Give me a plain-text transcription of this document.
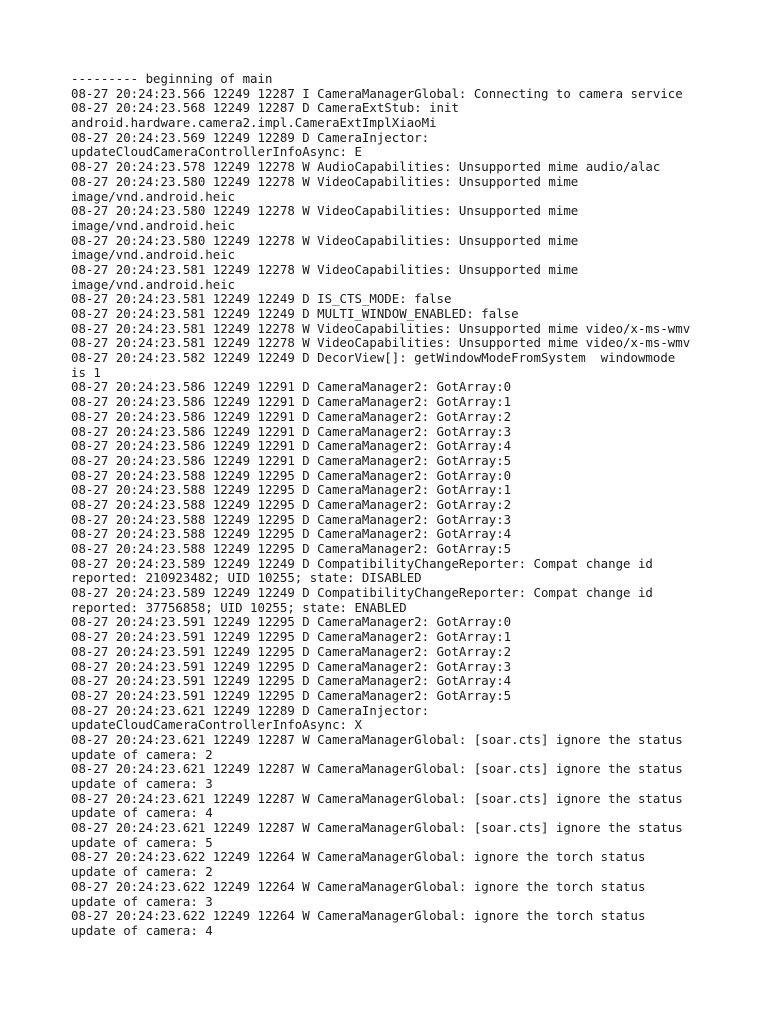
--------- beginning of main
08-27 20:24:23.566 12249 12287 I CameraManagerGlobal: Connecting to camera service
08-27 20:24:23.568 12249 12287 D CameraExtStub: init
android.hardware.camera2.impl.CameraExtImplXiaoMi
08-27 20:24:23.569 12249 12289 D CameraInjector:
updateCloudCameraControllerInfoAsync: E
08-27 20:24:23.578 12249 12278 W AudioCapabilities: Unsupported mime audio/alac
08-27 20:24:23.580 12249 12278 W VideoCapabilities: Unsupported mime
image/vnd.android.heic
08-27 20:24:23.580 12249 12278 W VideoCapabilities: Unsupported mime
image/vnd.android.heic
08-27 20:24:23.580 12249 12278 W VideoCapabilities: Unsupported mime
image/vnd.android.heic
08-27 20:24:23.581 12249 12278 W VideoCapabilities: Unsupported mime
image/vnd.android.heic
08-27 20:24:23.581 12249 12249 D IS_CTS_MODE: false
08-27 20:24:23.581 12249 12249 D MULTI_WINDOW_ENABLED: false
08-27 20:24:23.581 12249 12278 W VideoCapabilities: Unsupported mime video/x-ms-wmv
08-27 20:24:23.581 12249 12278 W VideoCapabilities: Unsupported mime video/x-ms-wmv
08-27 20:24:23.582 12249 12249 D DecorView[]: getWindowModeFromSystem  windowmode
is 1
08-27 20:24:23.586 12249 12291 D CameraManager2: GotArray:0
08-27 20:24:23.586 12249 12291 D CameraManager2: GotArray:1
08-27 20:24:23.586 12249 12291 D CameraManager2: GotArray:2
08-27 20:24:23.586 12249 12291 D CameraManager2: GotArray:3
08-27 20:24:23.586 12249 12291 D CameraManager2: GotArray:4
08-27 20:24:23.586 12249 12291 D CameraManager2: GotArray:5
08-27 20:24:23.588 12249 12295 D CameraManager2: GotArray:0
08-27 20:24:23.588 12249 12295 D CameraManager2: GotArray:1
08-27 20:24:23.588 12249 12295 D CameraManager2: GotArray:2
08-27 20:24:23.588 12249 12295 D CameraManager2: GotArray:3
08-27 20:24:23.588 12249 12295 D CameraManager2: GotArray:4
08-27 20:24:23.588 12249 12295 D CameraManager2: GotArray:5
08-27 20:24:23.589 12249 12249 D CompatibilityChangeReporter: Compat change id
reported: 210923482; UID 10255; state: DISABLED
08-27 20:24:23.589 12249 12249 D CompatibilityChangeReporter: Compat change id
reported: 37756858; UID 10255; state: ENABLED
08-27 20:24:23.591 12249 12295 D CameraManager2: GotArray:0
08-27 20:24:23.591 12249 12295 D CameraManager2: GotArray:1
08-27 20:24:23.591 12249 12295 D CameraManager2: GotArray:2
08-27 20:24:23.591 12249 12295 D CameraManager2: GotArray:3
08-27 20:24:23.591 12249 12295 D CameraManager2: GotArray:4
08-27 20:24:23.591 12249 12295 D CameraManager2: GotArray:5
08-27 20:24:23.621 12249 12289 D CameraInjector:
updateCloudCameraControllerInfoAsync: X
08-27 20:24:23.621 12249 12287 W CameraManagerGlobal: [soar.cts] ignore the status
update of camera: 2
08-27 20:24:23.621 12249 12287 W CameraManagerGlobal: [soar.cts] ignore the status
update of camera: 3
08-27 20:24:23.621 12249 12287 W CameraManagerGlobal: [soar.cts] ignore the status
update of camera: 4
08-27 20:24:23.621 12249 12287 W CameraManagerGlobal: [soar.cts] ignore the status
update of camera: 5
08-27 20:24:23.622 12249 12264 W CameraManagerGlobal: ignore the torch status
update of camera: 2
08-27 20:24:23.622 12249 12264 W CameraManagerGlobal: ignore the torch status
update of camera: 3
08-27 20:24:23.622 12249 12264 W CameraManagerGlobal: ignore the torch status
update of camera: 4
